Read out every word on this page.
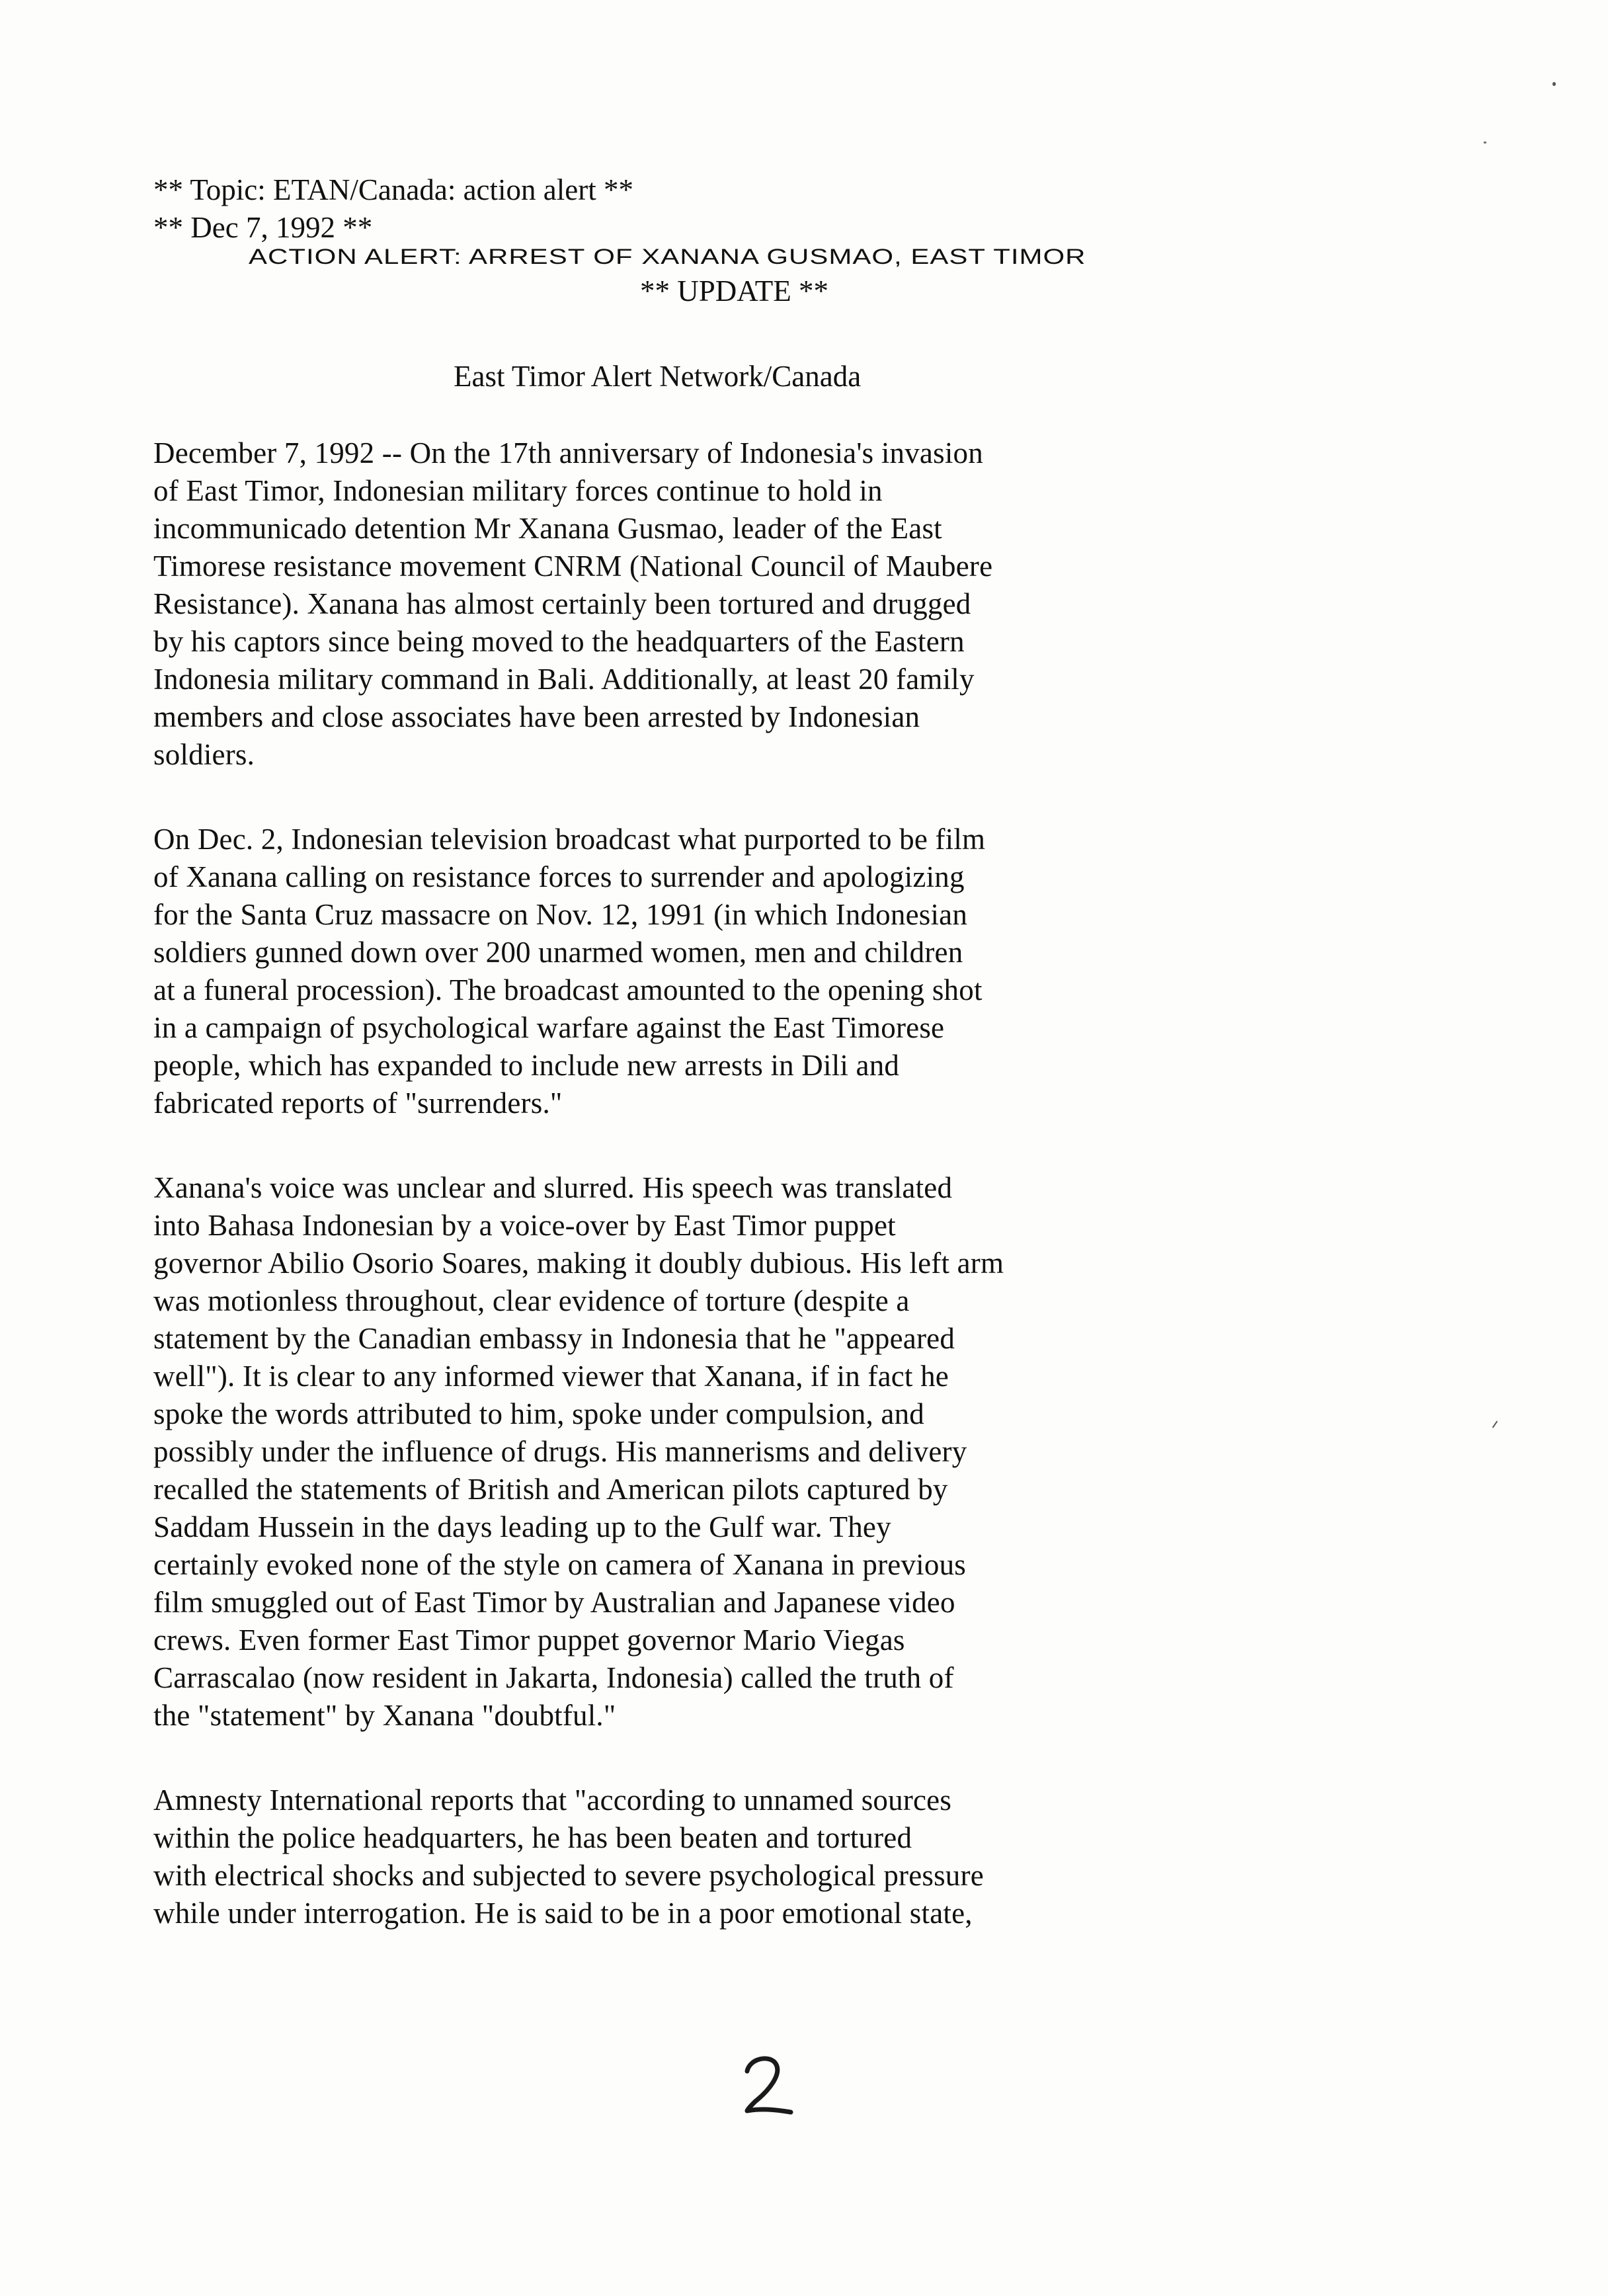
** Topic: ETAN/Canada: action alert **
** Dec 7, 1992 **
ACTION ALERT: ARREST OF XANANA GUSMAO, EAST TIMOR
** UPDATE **
East Timor Alert Network/Canada
December 7, 1992 -- On the 17th anniversary of Indonesia's invasion
of East Timor, Indonesian military forces continue to hold in
incommunicado detention Mr Xanana Gusmao, leader of the East
Timorese resistance movement CNRM (National Council of Maubere
Resistance). Xanana has almost certainly been tortured and drugged
by his captors since being moved to the headquarters of the Eastern
Indonesia military command in Bali. Additionally, at least 20 family
members and close associates have been arrested by Indonesian
soldiers.
On Dec. 2, Indonesian television broadcast what purported to be film
of Xanana calling on resistance forces to surrender and apologizing
for the Santa Cruz massacre on Nov. 12, 1991 (in which Indonesian
soldiers gunned down over 200 unarmed women, men and children
at a funeral procession). The broadcast amounted to the opening shot
in a campaign of psychological warfare against the East Timorese
people, which has expanded to include new arrests in Dili and
fabricated reports of "surrenders."
Xanana's voice was unclear and slurred. His speech was translated
into Bahasa Indonesian by a voice-over by East Timor puppet
governor Abilio Osorio Soares, making it doubly dubious. His left arm
was motionless throughout, clear evidence of torture (despite a
statement by the Canadian embassy in Indonesia that he "appeared
well"). It is clear to any informed viewer that Xanana, if in fact he
spoke the words attributed to him, spoke under compulsion, and
possibly under the influence of drugs. His mannerisms and delivery
recalled the statements of British and American pilots captured by
Saddam Hussein in the days leading up to the Gulf war. They
certainly evoked none of the style on camera of Xanana in previous
film smuggled out of East Timor by Australian and Japanese video
crews. Even former East Timor puppet governor Mario Viegas
Carrascalao (now resident in Jakarta, Indonesia) called the truth of
the "statement" by Xanana "doubtful."
Amnesty International reports that "according to unnamed sources
within the police headquarters, he has been beaten and tortured
with electrical shocks and subjected to severe psychological pressure
while under interrogation. He is said to be in a poor emotional state,
